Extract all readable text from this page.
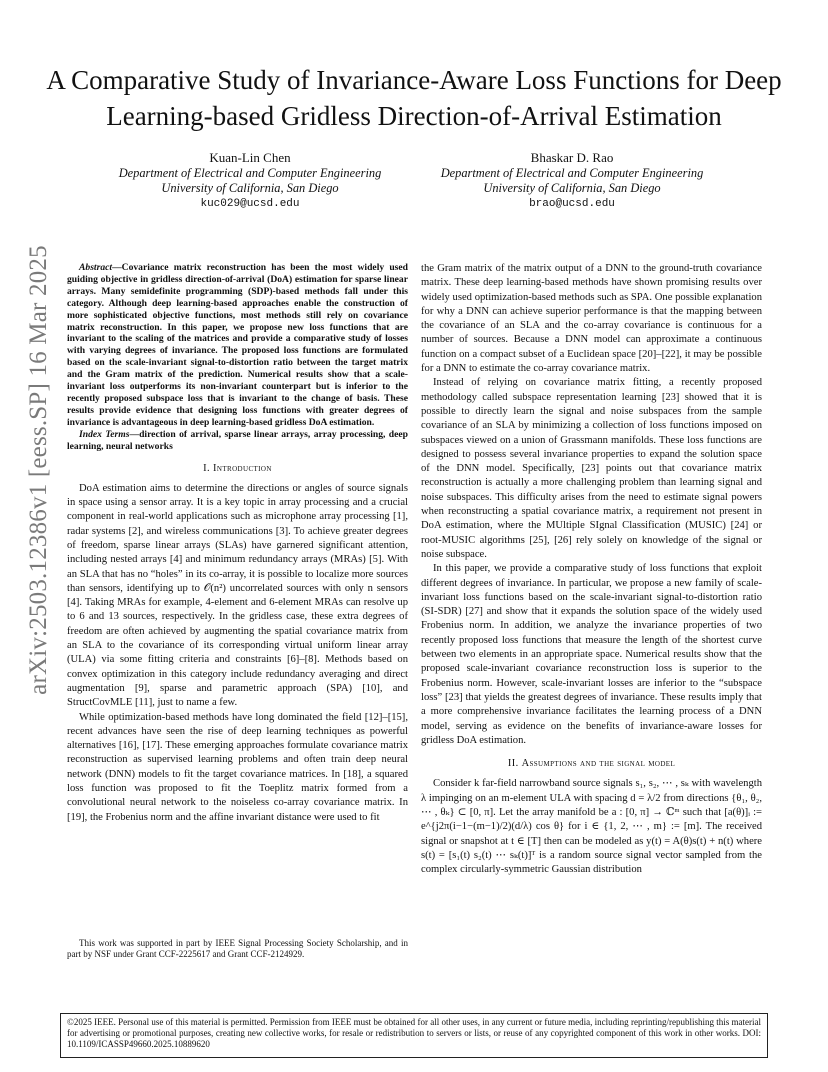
A Comparative Study of Invariance-Aware Loss Functions for Deep Learning-based Gridless Direction-of-Arrival Estimation
Kuan-Lin Chen
Department of Electrical and Computer Engineering
University of California, San Diego
kuc029@ucsd.edu
Bhaskar D. Rao
Department of Electrical and Computer Engineering
University of California, San Diego
brao@ucsd.edu
arXiv:2503.12386v1 [eess.SP] 16 Mar 2025	Abstract—Covariance matrix reconstruction has been the most widely used guiding objective in gridless direction-of-arrival (DoA) estimation for sparse linear arrays. Many semidefinite programming (SDP)-based methods fall under this category. Although deep learning-based approaches enable the construction of more sophisticated objective functions, most methods still rely on covariance matrix reconstruction. In this paper, we propose new loss functions that are invariant to the scaling of the matrices and provide a comparative study of losses with varying degrees of invariance. The proposed loss functions are formulated based on the scale-invariant signal-to-distortion ratio between the target matrix and the Gram matrix of the prediction. Numerical results show that a scale-invariant loss outperforms its non-invariant counterpart but is inferior to the recently proposed subspace loss that is invariant to the change of basis. These results provide evidence that designing loss functions with greater degrees of invariance is advantageous in deep learning-based gridless DoA estimation.

Index Terms—direction of arrival, sparse linear arrays, array processing, deep learning, neural networks

I. Introduction

DoA estimation aims to determine the directions or angles of source signals in space using a sensor array. It is a key topic in array processing and a crucial component in real-world applications such as microphone array processing [1], radar systems [2], and wireless communications [3]. To achieve greater degrees of freedom, sparse linear arrays (SLAs) have garnered significant attention, including nested arrays [4] and minimum redundancy arrays (MRAs) [5]. With an SLA that has no “holes” in its co-array, it is possible to localize more sources than sensors, identifying up to 𝒪(n²) uncorrelated sources with only n sensors [4]. Taking MRAs for example, 4-element and 6-element MRAs can resolve up to 6 and 13 sources, respectively. In the gridless case, these extra degrees of freedom are often achieved by augmenting the spatial covariance matrix from an SLA to the covariance of its corresponding virtual uniform linear array (ULA) via some fitting criteria and constraints [6]–[8]. Methods based on convex optimization in this category include redundancy averaging and direct augmentation [9], sparse and parametric approach (SPA) [10], and StructCovMLE [11], just to name a few.

While optimization-based methods have long dominated the field [12]–[15], recent advances have seen the rise of deep learning techniques as powerful alternatives [16], [17]. These emerging approaches formulate covariance matrix reconstruction as supervised learning problems and often train deep neural network (DNN) models to fit the target covariance matrices. In [18], a squared loss function was proposed to fit the Toeplitz matrix formed from a convolutional neural network to the noiseless co-array covariance matrix. In [19], the Frobenius norm and the affine invariant distance were used to fit

This work was supported in part by IEEE Signal Processing Society Scholarship, and in part by NSF under Grant CCF-2225617 and Grant CCF-2124929.

the Gram matrix of the matrix output of a DNN to the ground-truth covariance matrix. These deep learning-based methods have shown promising results over widely used optimization-based methods such as SPA. One possible explanation for why a DNN can achieve superior performance is that the mapping between the covariance of an SLA and the co-array covariance is continuous for a number of sources. Because a DNN model can approximate a continuous function on a compact subset of a Euclidean space [20]–[22], it may be possible for a DNN to estimate the co-array covariance matrix.

Instead of relying on covariance matrix fitting, a recently proposed methodology called subspace representation learning [23] showed that it is possible to directly learn the signal and noise subspaces from the sample covariance of an SLA by minimizing a collection of loss functions imposed on subspaces viewed on a union of Grassmann manifolds. These loss functions are designed to possess several invariance properties to expand the solution space of the DNN model. Specifically, [23] points out that covariance matrix reconstruction is actually a more challenging problem than learning signal and noise subspaces. This difficulty arises from the need to estimate signal powers when reconstructing a spatial covariance matrix, a requirement not present in DoA estimation, where the MUltiple SIgnal Classification (MUSIC) [24] or root-MUSIC algorithms [25], [26] rely solely on knowledge of the signal or noise subspace.

In this paper, we provide a comparative study of loss functions that exploit different degrees of invariance. In particular, we propose a new family of scale-invariant loss functions based on the scale-invariant signal-to-distortion ratio (SI-SDR) [27] and show that it expands the solution space of the widely used Frobenius norm. In addition, we analyze the invariance properties of two recently proposed loss functions that measure the length of the shortest curve between two elements in an appropriate space. Numerical results show that the proposed scale-invariant covariance reconstruction loss is superior to the Frobenius norm. However, scale-invariant losses are inferior to the “subspace loss” [23] that yields the greatest degrees of invariance. These results imply that a more comprehensive invariance facilitates the learning process of a DNN model, serving as evidence on the benefits of invariance-aware losses for gridless DoA estimation.

II. Assumptions and the signal model

Consider k far-field narrowband source signals s₁, s₂, ⋯ , sₖ with wavelength λ impinging on an m-element ULA with spacing d = λ/2 from directions {θ₁, θ₂, ⋯ , θₖ} ⊂ [0, π]. Let the array manifold be a : [0, π] → ℂᵐ such that [a(θ)]ᵢ := e^{j2π(i−1−(m−1)/2)(d/λ) cos θ} for i ∈ {1, 2, ⋯ , m} := [m]. The received signal or snapshot at t ∈ [T] then can be modeled as y(t) = A(θ)s(t) + n(t) where s(t) = [s₁(t) s₂(t) ⋯ sₖ(t)]ᵀ is a random source signal vector sampled from the complex circularly-symmetric Gaussian distribution

©2025 IEEE. Personal use of this material is permitted. Permission from IEEE must be obtained for all other uses, in any current or future media, including reprinting/republishing this material for advertising or promotional purposes, creating new collective works, for resale or redistribution to servers or lists, or reuse of any copyrighted component of this work in other works. DOI: 10.1109/ICASSP49660.2025.10889620
